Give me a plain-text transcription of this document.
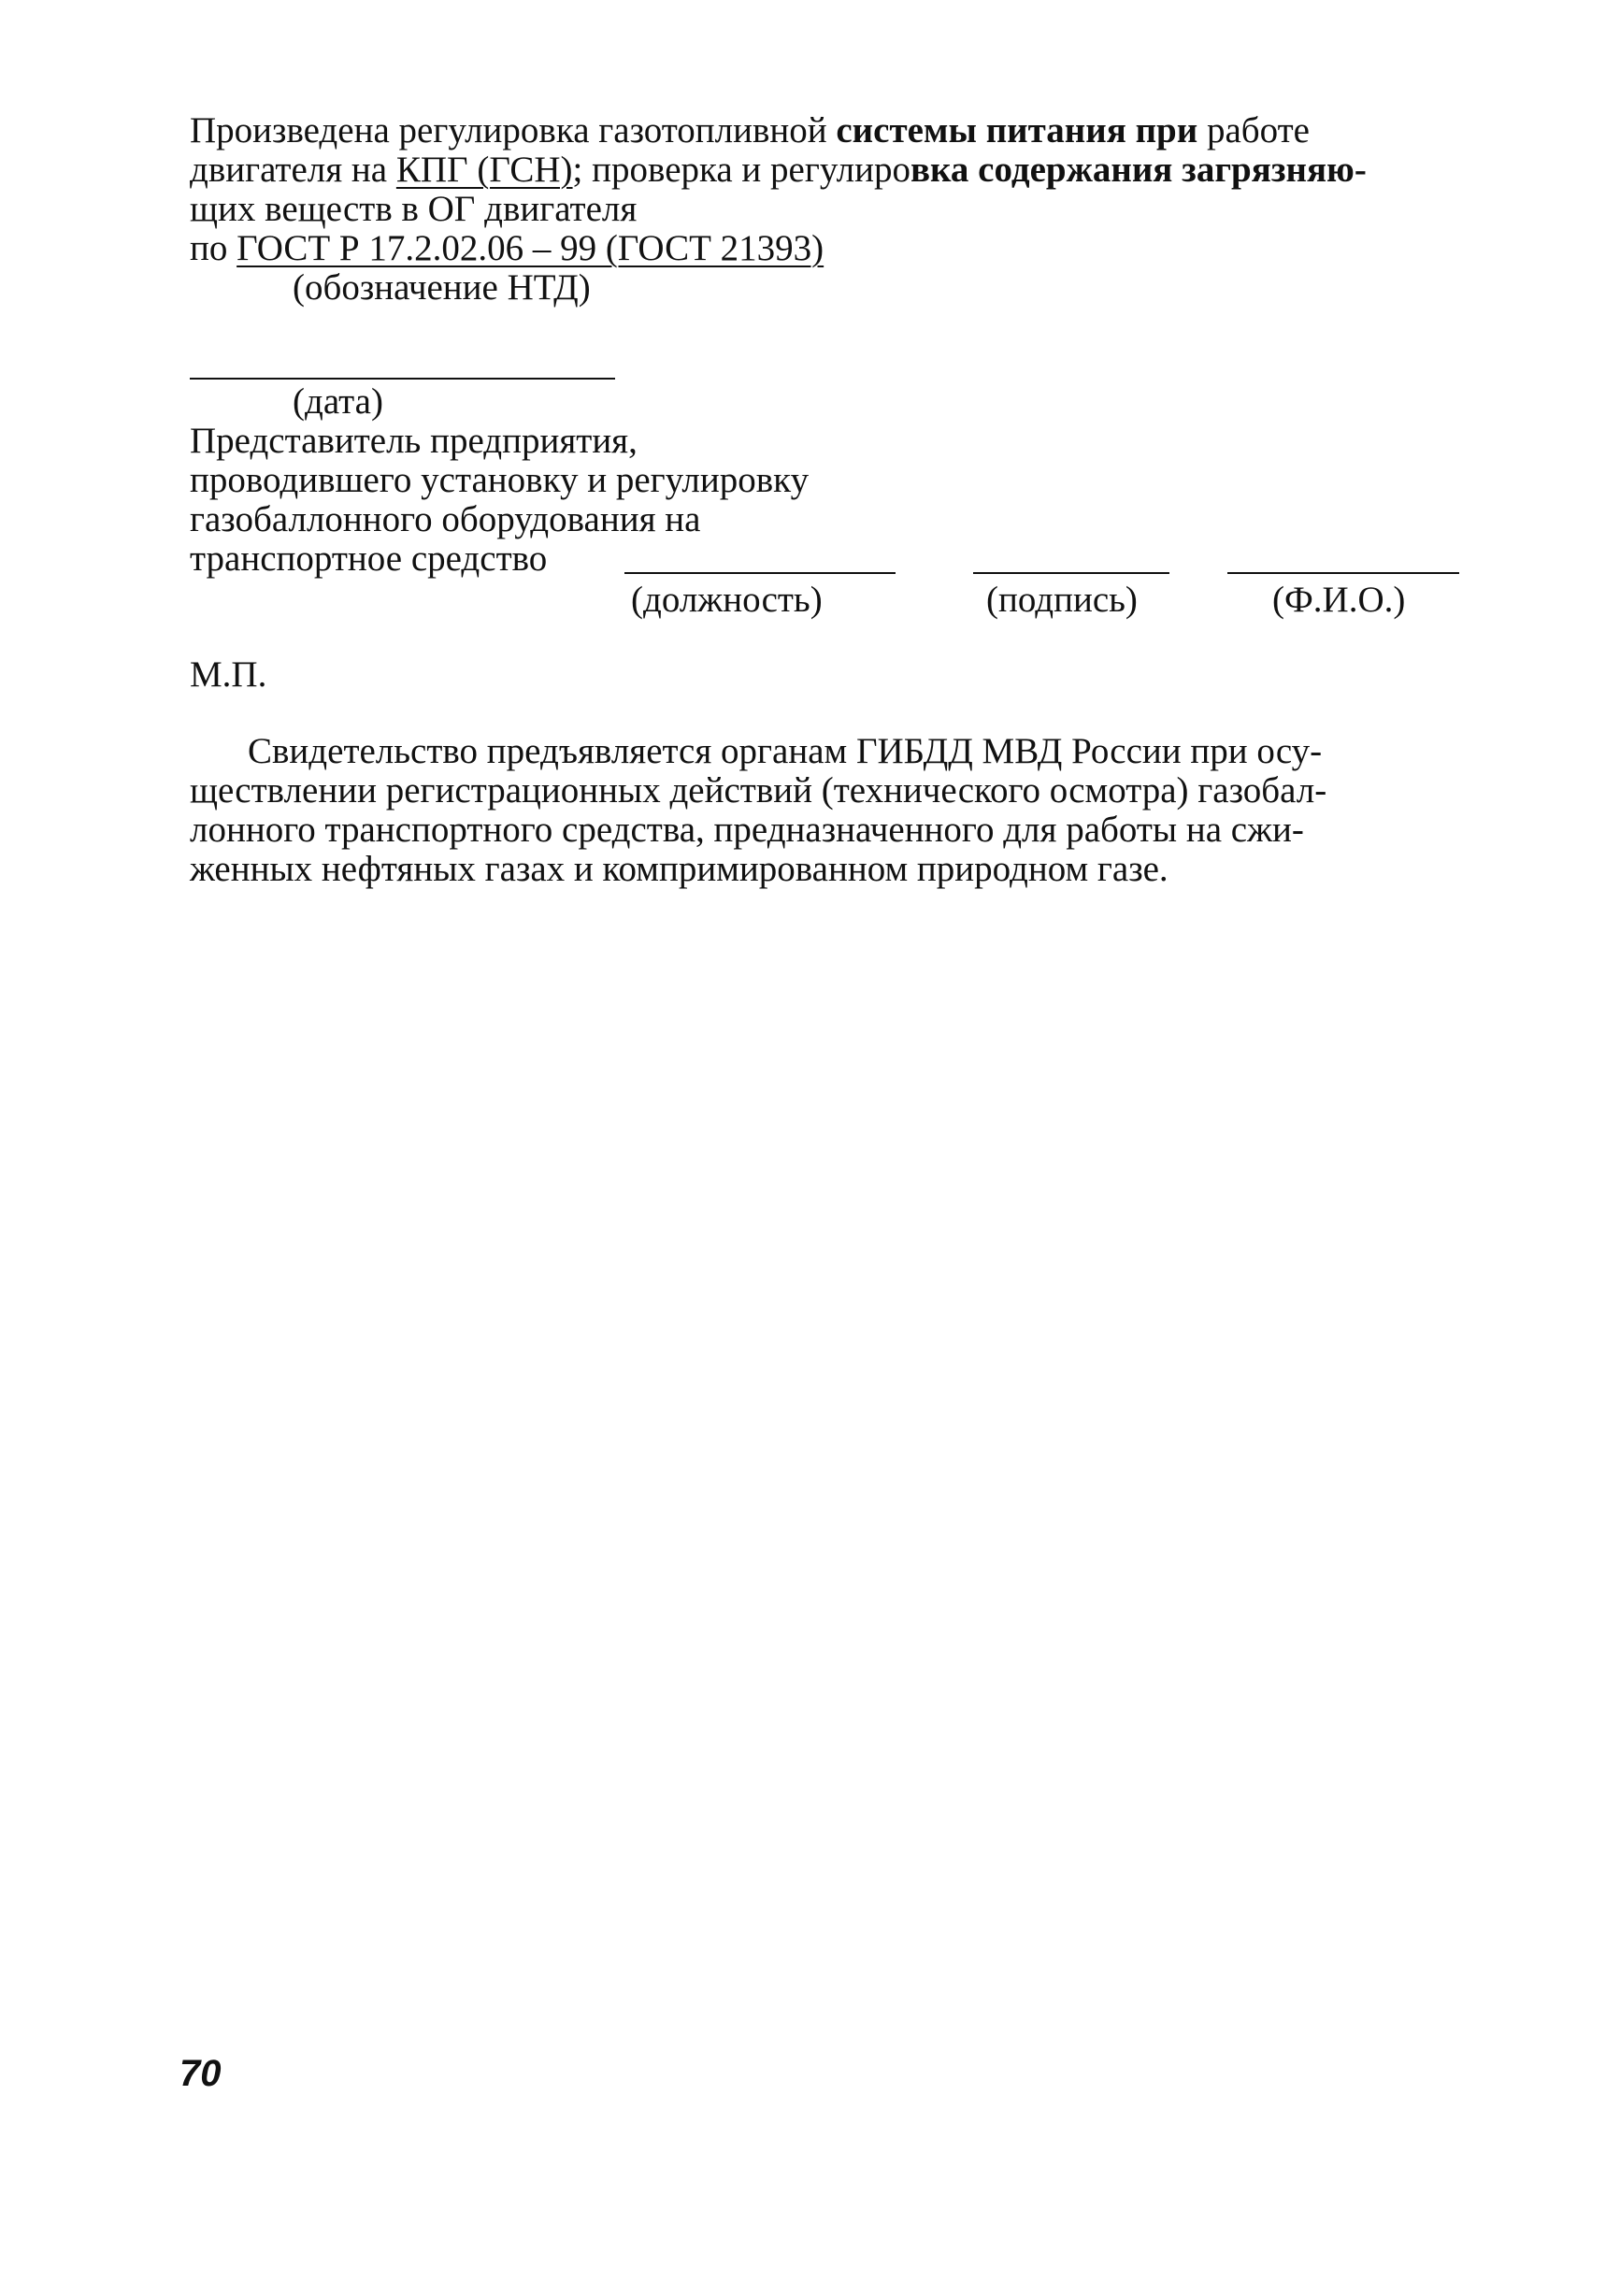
Произведена регулировка газотопливной системы питания при работе
двигателя на КПГ (ГСН); проверка и регулировка содержания загрязняю-
щих веществ в ОГ двигателя
по ГОСТ Р 17.2.02.06 – 99 (ГОСТ 21393)
(обозначение НТД)
(дата)
Представитель предприятия,
проводившего установку и регулировку
газобаллонного оборудования на
транспортное средство
(должность)	(подпись)	(Ф.И.О.)
М.П.
Свидетельство предъявляется органам ГИБДД МВД России при осу-
ществлении регистрационных действий (технического осмотра) газобал-
лонного транспортного средства, предназначенного для работы на сжи-
женных нефтяных газах и компримированном природном газе.
70
